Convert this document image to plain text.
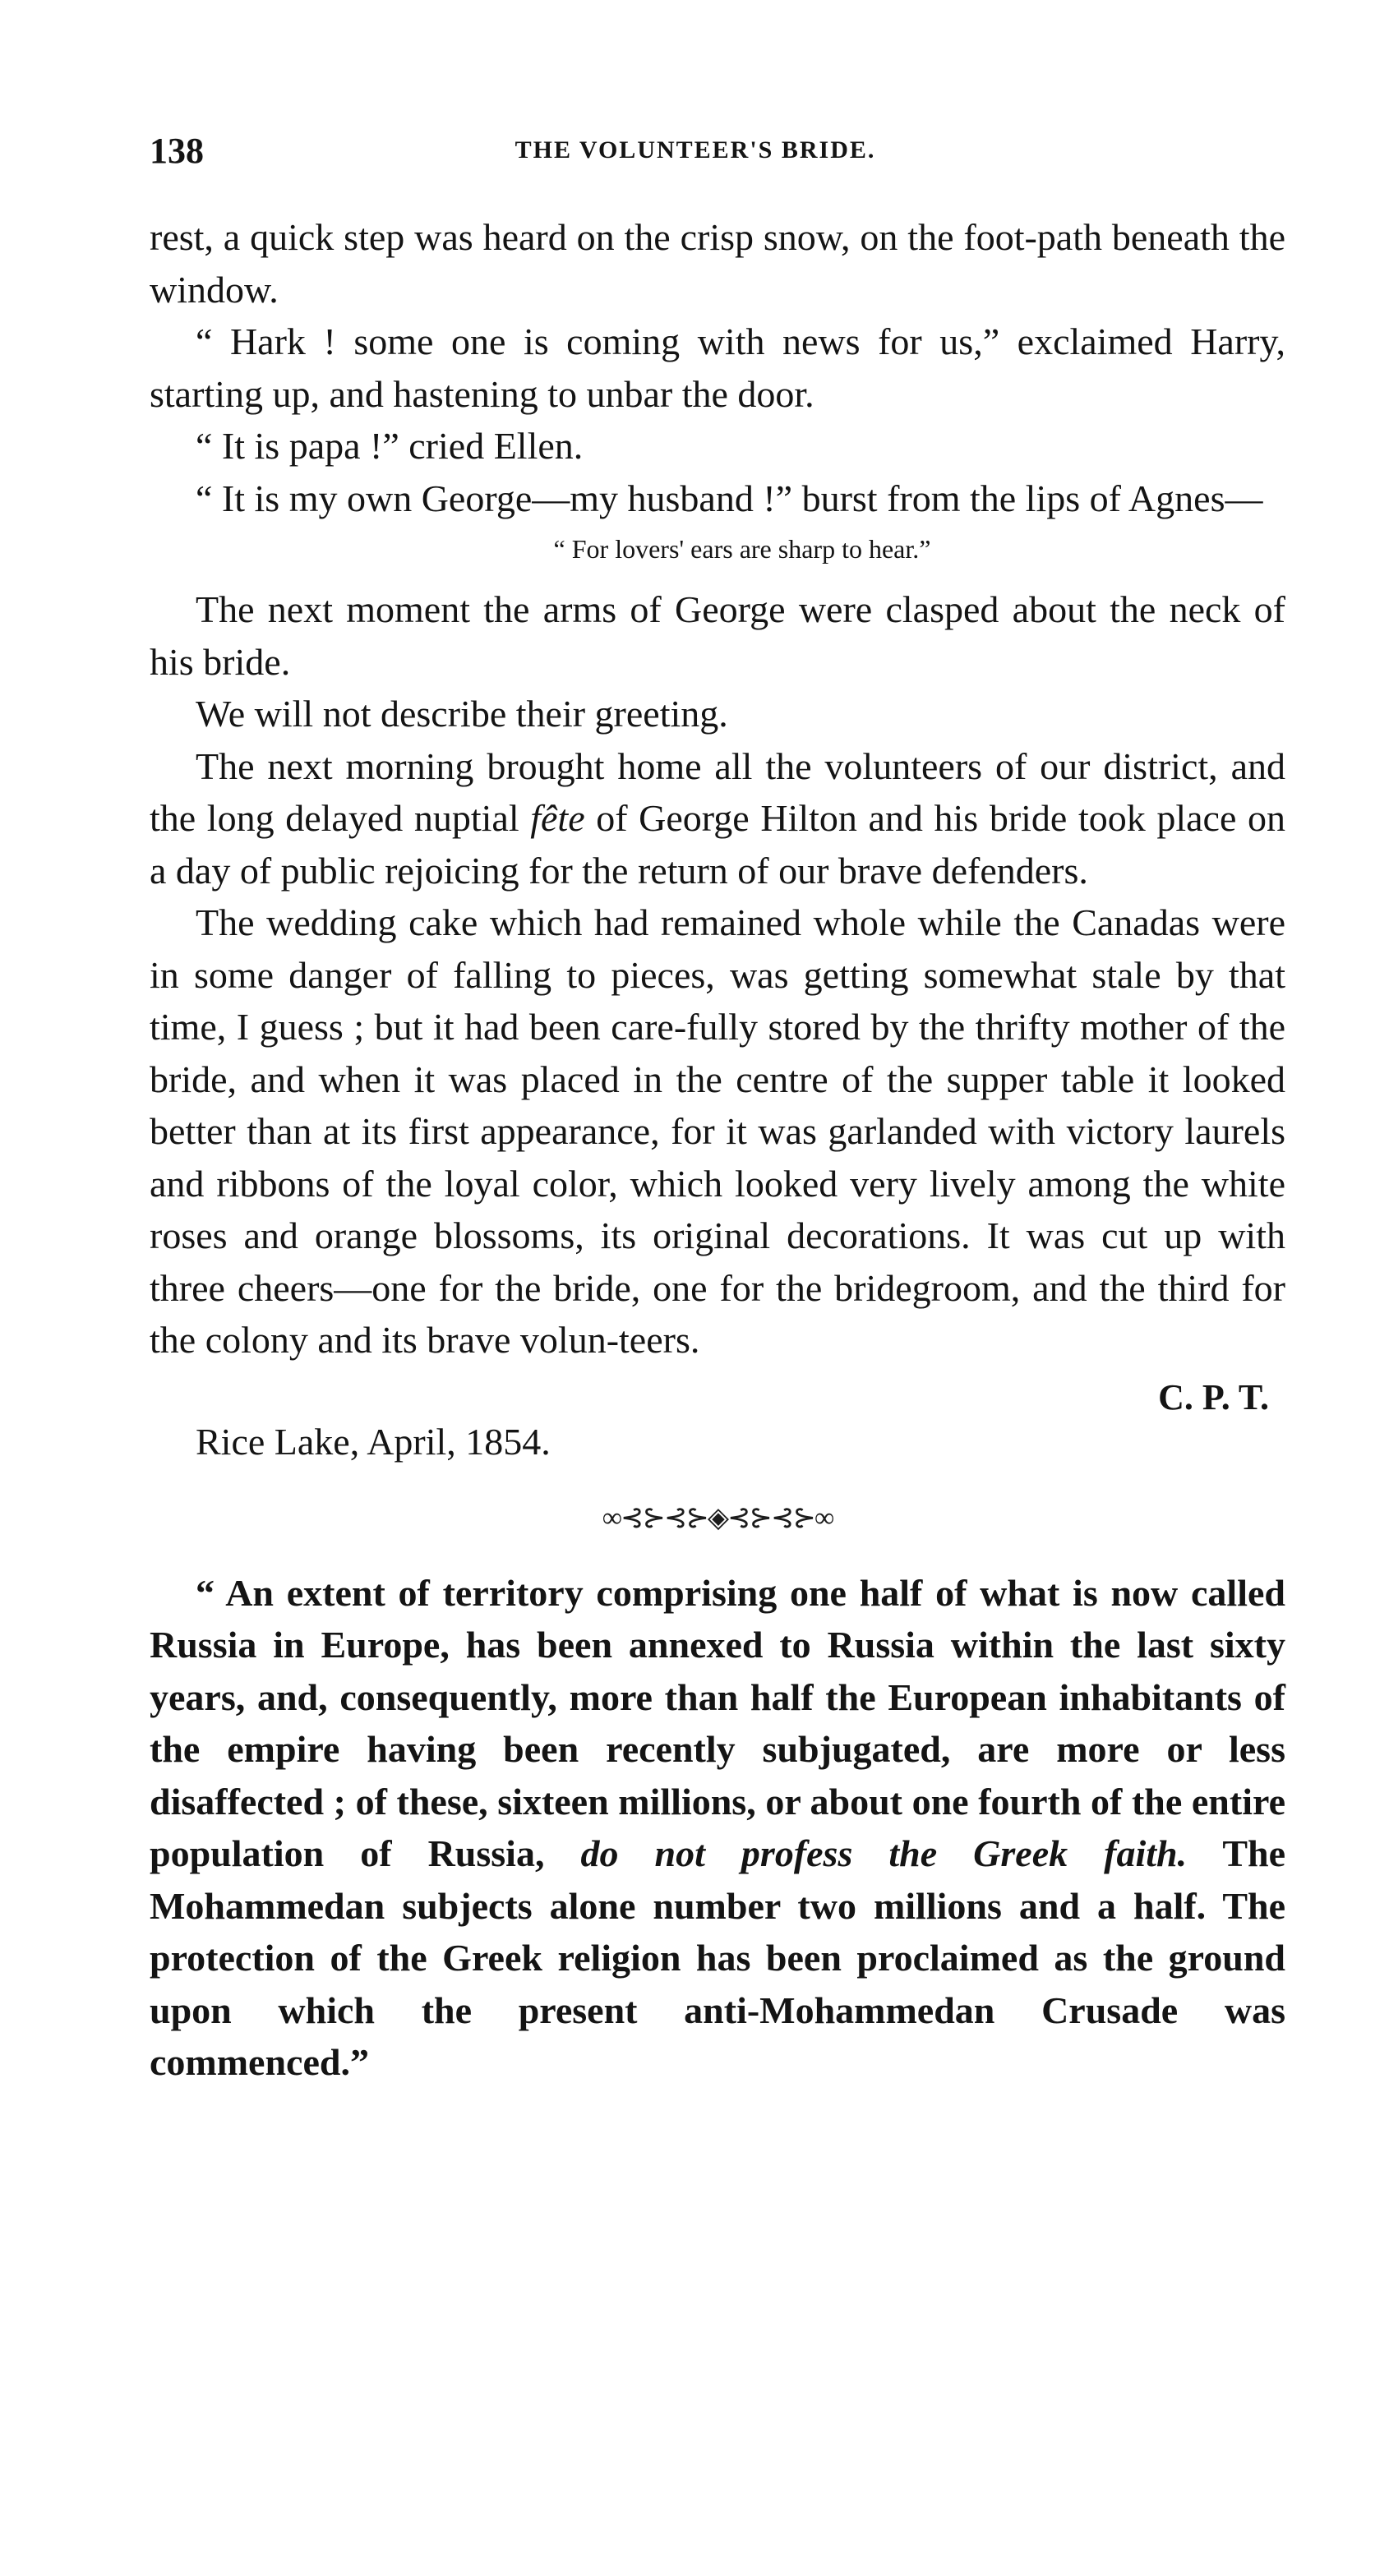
138	THE VOLUNTEER'S BRIDE.

rest, a quick step was heard on the crisp snow, on the foot-path beneath the window.

“ Hark ! some one is coming with news for us,” exclaimed Harry, starting up, and hastening to unbar the door.

“ It is papa !” cried Ellen.

“ It is my own George—my husband !” burst from the lips of Agnes—

“ For lovers' ears are sharp to hear.”

The next moment the arms of George were clasped about the neck of his bride.

We will not describe their greeting.

The next morning brought home all the volunteers of our district, and the long delayed nuptial fête of George Hilton and his bride took place on a day of public rejoicing for the return of our brave defenders.

The wedding cake which had remained whole while the Canadas were in some danger of falling to pieces, was getting somewhat stale by that time, I guess ; but it had been care-fully stored by the thrifty mother of the bride, and when it was placed in the centre of the supper table it looked better than at its first appearance, for it was garlanded with victory laurels and ribbons of the loyal color, which looked very lively among the white roses and orange blossoms, its original decorations. It was cut up with three cheers—one for the bride, one for the bridegroom, and the third for the colony and its brave volun-teers.

C. P. T.
Rice Lake, April, 1854.
∞⊰⊱⊰⊱◈⊰⊱⊰⊱∞

“ An extent of territory comprising one half of what is now called Russia in Europe, has been annexed to Russia within the last sixty years, and, consequently, more than half the European inhabitants of the empire having been recently subjugated, are more or less disaffected ; of these, sixteen millions, or about one fourth of the entire population of Russia, do not profess the Greek faith. The Mohammedan subjects alone number two millions and a half. The protection of the Greek religion has been proclaimed as the ground upon which the present anti-Mohammedan Crusade was commenced.”
